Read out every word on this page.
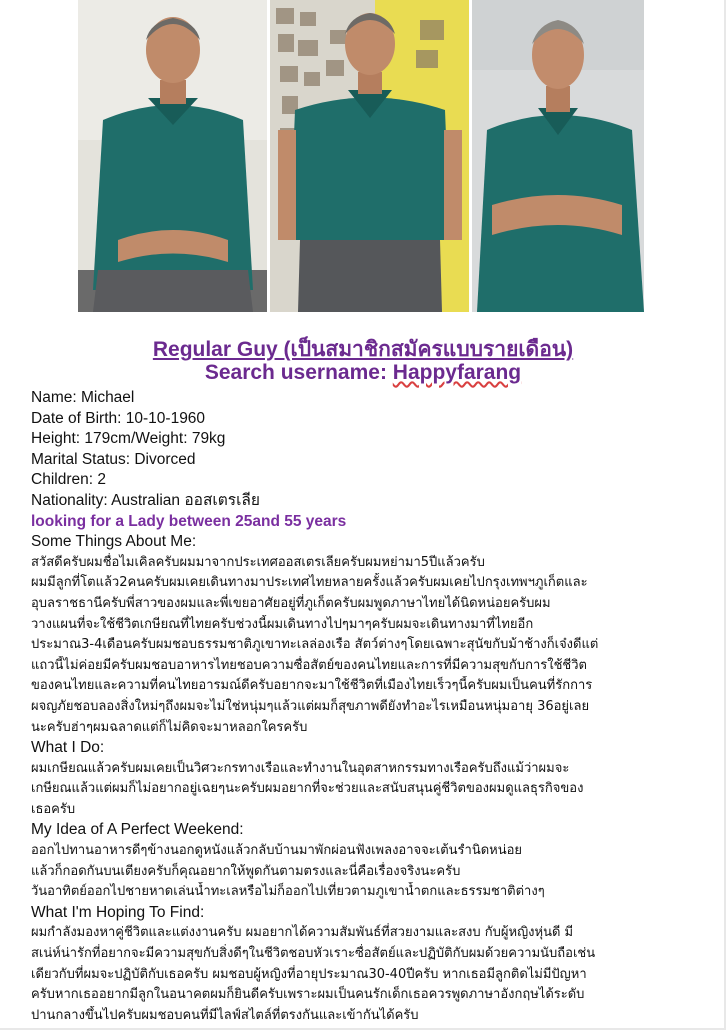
Regular Guy (เป็นสมาชิกสมัครแบบรายเดือน)
Search username: Happyfarang
Name: Michael
Date of Birth: 10-10-1960
Height: 179cm/Weight: 79kg
Marital Status: Divorced
Children: 2
Nationality: Australian ออสเตรเลีย
looking for a Lady between 25and 55 years
Some Things About Me:
สวัสดีครับผมชื่อไมเคิลครับผมมาจากประเทศออสเตรเลียครับผมหย่ามา5ปีแล้วครับ
ผมมีลูกที่โตแล้ว2คนครับผมเคยเดินทางมาประเทศไทยหลายครั้งแล้วครับผมเคยไปกรุงเทพฯภูเก็ตและ
อุบลราชธานีครับพี่สาวของผมและพี่เขยอาศัยอยู่ที่ภูเก็ตครับผมพูดภาษาไทยได้นิดหน่อยครับผม
วางแผนที่จะใช้ชีวิตเกษียณที่ไทยครับช่วงนี้ผมเดินทางไปๆมาๆครับผมจะเดินทางมาที่ไทยอีก
ประมาณ3-4เดือนครับผมชอบธรรมชาติภูเขาทะเลล่องเรือ สัตว์ต่างๆโดยเฉพาะสุนัขกับม้าช้างก็เจ๋งดีแต่
แถวนี้ไม่ค่อยมีครับผมชอบอาหารไทยชอบความซื่อสัตย์ของคนไทยและการที่มีความสุขกับการใช้ชีวิต
ของคนไทยและความที่คนไทยอารมณ์ดีครับอยากจะมาใช้ชีวิตที่เมืองไทยเร็วๆนี้ครับผมเป็นคนที่รักการ
ผจญภัยชอบลองสิ่งใหม่ๆถึงผมจะไม่ใช่หนุ่มๆแล้วแต่ผมก็สุขภาพดียังทำอะไรเหมือนหนุ่มอายุ 36อยู่เลย
นะครับฮ่าๆผมฉลาดแต่ก็ไม่คิดจะมาหลอกใครครับ
What I Do:
ผมเกษียณแล้วครับผมเคยเป็นวิศวะกรทางเรือและทำงานในอุตสาหกรรมทางเรือครับถึงแม้ว่าผมจะ
เกษียณแล้วแต่ผมก็ไม่อยากอยู่เฉยๆนะครับผมอยากที่จะช่วยและสนับสนุนคู่ชีวิตของผมดูแลธุรกิจของ
เธอครับ
My Idea of A Perfect Weekend:
ออกไปทานอาหารดีๆข้างนอกดูหนังแล้วกลับบ้านมาพักผ่อนฟังเพลงอาจจะเต้นรำนิดหน่อย
แล้วก็กอดกันบนเตียงครับก็คุณอยากให้พูดกันตามตรงและนี่คือเรื่องจริงนะครับ
วันอาทิตย์ออกไปชายหาดเล่นน้ำทะเลหรือไม่ก็ออกไปเที่ยวตามภูเขาน้ำตกและธรรมชาติต่างๆ
What I'm Hoping To Find:
ผมกำลังมองหาคู่ชีวิตและแต่งงานครับ ผมอยากได้ความสัมพันธ์ที่สวยงามและสงบ กับผู้หญิงหุ่นดี มี
สเน่ห์น่ารักที่อยากจะมีความสุขกับสิ่งดีๆในชีวิตชอบหัวเราะซื่อสัตย์และปฏิบัติกับผมด้วยความนับถือเช่น
เดียวกับที่ผมจะปฏิบัติกับเธอครับ ผมชอบผู้หญิงที่อายุประมาณ30-40ปีครับ หากเธอมีลูกติดไม่มีปัญหา
ครับหากเธออยากมีลูกในอนาคตผมก็ยินดีครับเพราะผมเป็นคนรักเด็กเธอควรพูดภาษาอังกฤษได้ระดับ
ปานกลางขึ้นไปครับผมชอบคนที่มีไลฟ์สไตล์ที่ตรงกันและเข้ากันได้ครับ
